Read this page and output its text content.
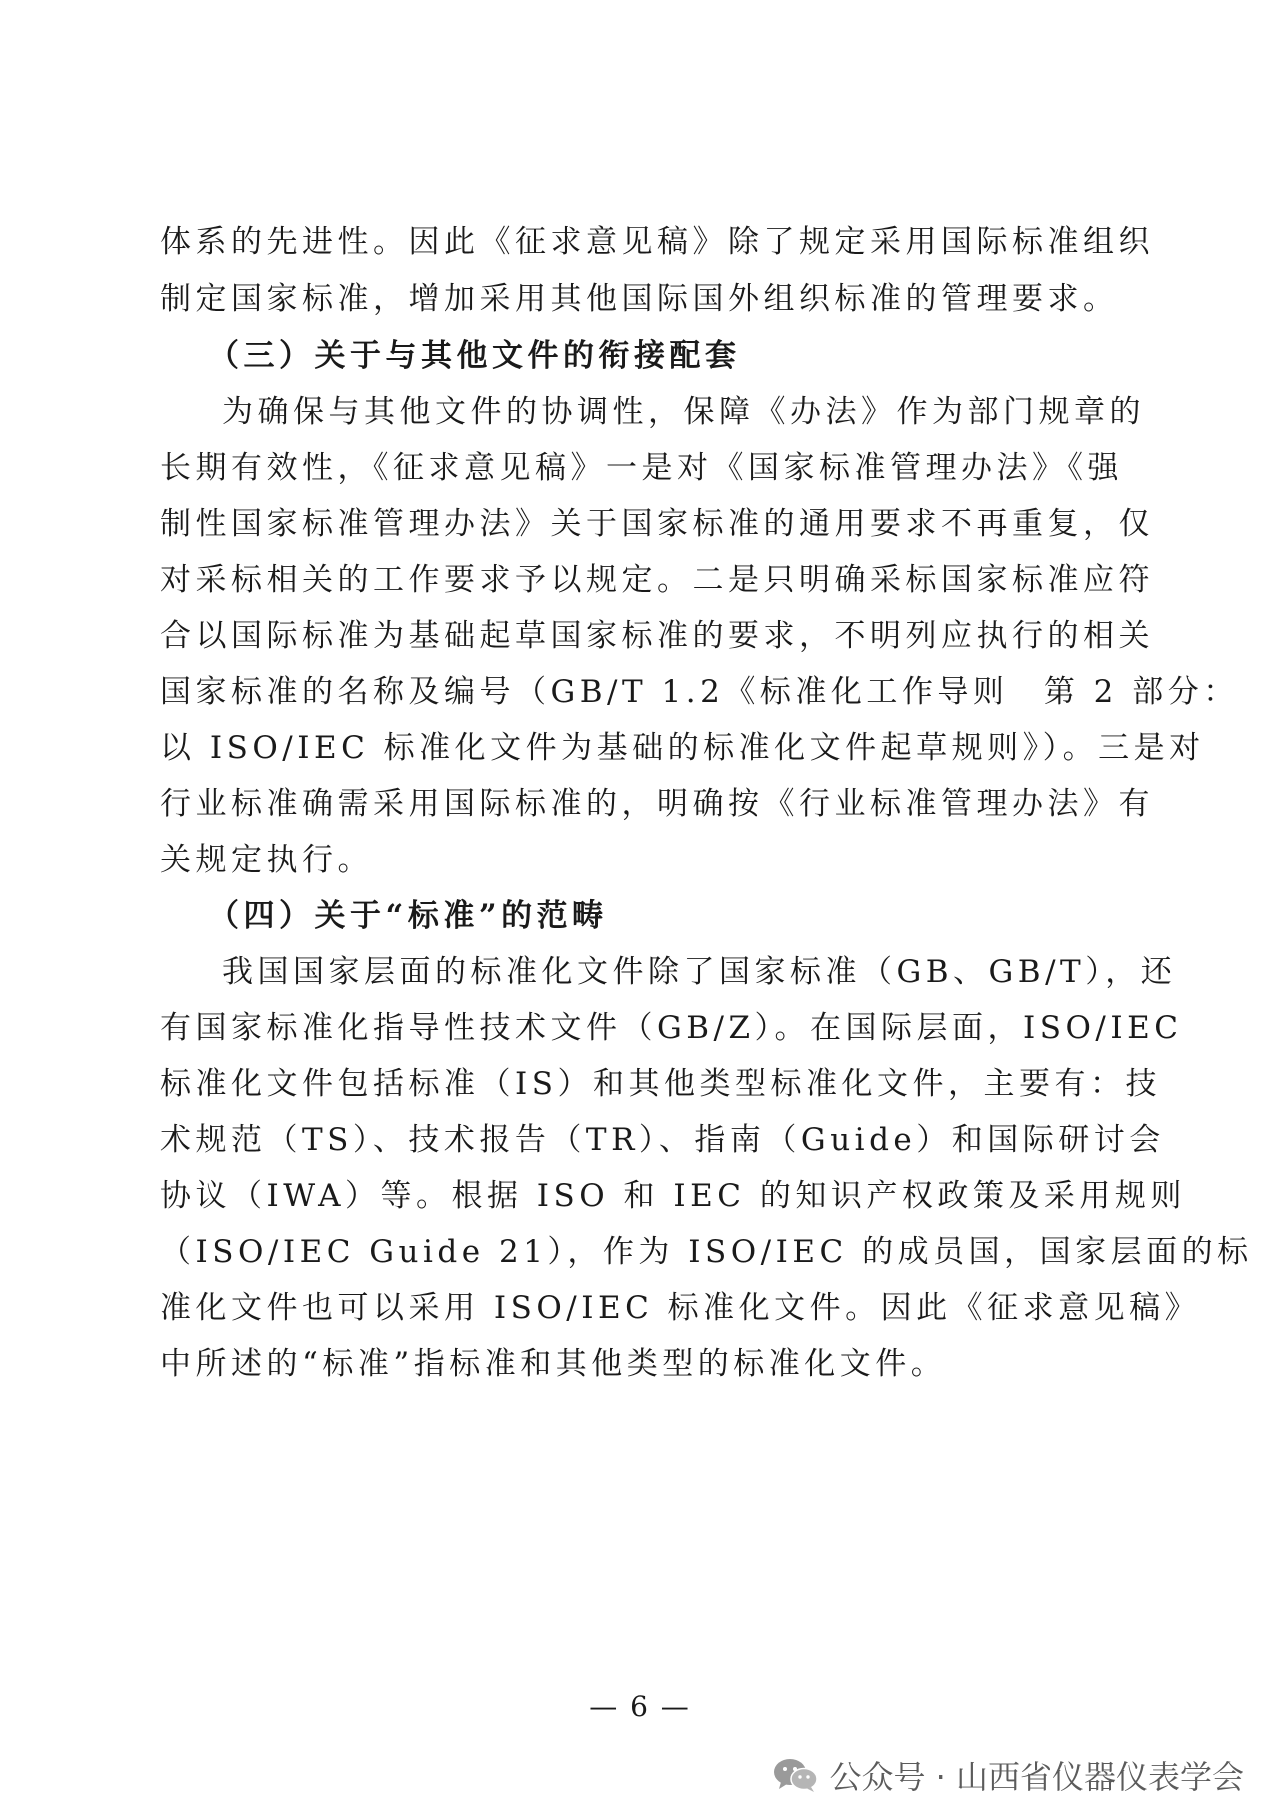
体系的先进性。因此《征求意见稿》除了规定采用国际标准组织
制定国家标准，增加采用其他国际国外组织标准的管理要求。
（三）关于与其他文件的衔接配套
为确保与其他文件的协调性，保障《办法》作为部门规章的
长期有效性，《征求意见稿》一是对《国家标准管理办法》《强
制性国家标准管理办法》关于国家标准的通用要求不再重复，仅
对采标相关的工作要求予以规定。二是只明确采标国家标准应符
合以国际标准为基础起草国家标准的要求，不明列应执行的相关
国家标准的名称及编号（GB/T 1.2《标准化工作导则　第 2 部分：
以 ISO/IEC 标准化文件为基础的标准化文件起草规则》）。三是对
行业标准确需采用国际标准的，明确按《行业标准管理办法》有
关规定执行。
（四）关于“标准”的范畴
我国国家层面的标准化文件除了国家标准（GB、GB/T），还
有国家标准化指导性技术文件（GB/Z）。在国际层面，ISO/IEC
标准化文件包括标准（IS）和其他类型标准化文件，主要有：技
术规范（TS）、技术报告（TR）、指南（Guide）和国际研讨会
协议（IWA）等。根据 ISO 和 IEC 的知识产权政策及采用规则
（ISO/IEC Guide 21），作为 ISO/IEC 的成员国，国家层面的标
准化文件也可以采用 ISO/IEC 标准化文件。因此《征求意见稿》
中所述的“标准”指标准和其他类型的标准化文件。
— 6 —
公众号 · 山西省仪器仪表学会
